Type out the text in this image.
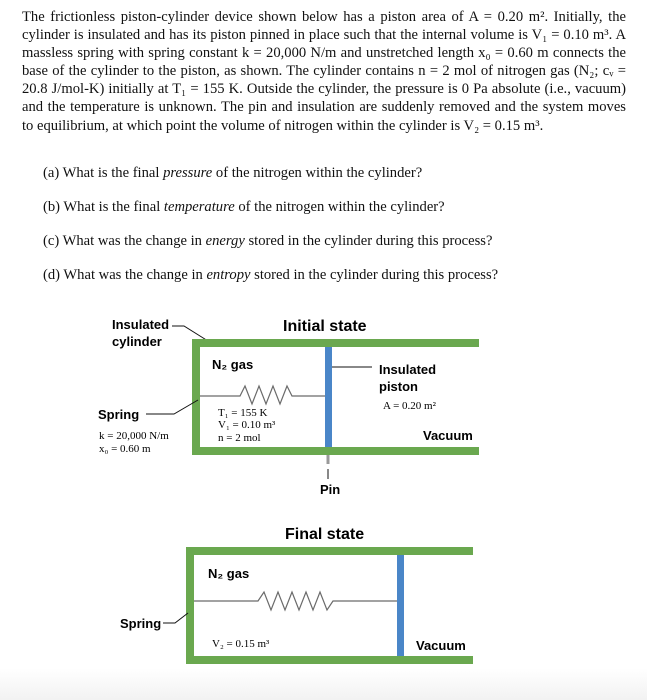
The frictionless piston-cylinder device shown below has a piston area of A = 0.20 m². Initially, the cylinder is insulated and has its piston pinned in place such that the internal volume is V₁ = 0.10 m³. A massless spring with spring constant k = 20,000 N/m and unstretched length x₀ = 0.60 m connects the base of the cylinder to the piston, as shown. The cylinder contains n = 2 mol of nitrogen gas (N₂; cᵥ = 20.8 J/mol-K) initially at T₁ = 155 K. Outside the cylinder, the pressure is 0 Pa absolute (i.e., vacuum) and the temperature is unknown. The pin and insulation are suddenly removed and the system moves to equilibrium, at which point the volume of nitrogen within the cylinder is V₂ = 0.15 m³.

(a) What is the final pressure of the nitrogen within the cylinder?
(b) What is the final temperature of the nitrogen within the cylinder?
(c) What was the change in energy stored in the cylinder during this process?
(d) What was the change in entropy stored in the cylinder during this process?
Initial state
Insulated
cylinder
Pin
N₂ gas
Spring
k = 20,000 N/m
x₀ = 0.60 m
T₁ = 155 K
V₁ = 0.10 m³
n = 2 mol
Insulated
piston
A = 0.20 m²
Vacuum
Final state
N₂ gas
Spring
V₂ = 0.15 m³	Vacuum
